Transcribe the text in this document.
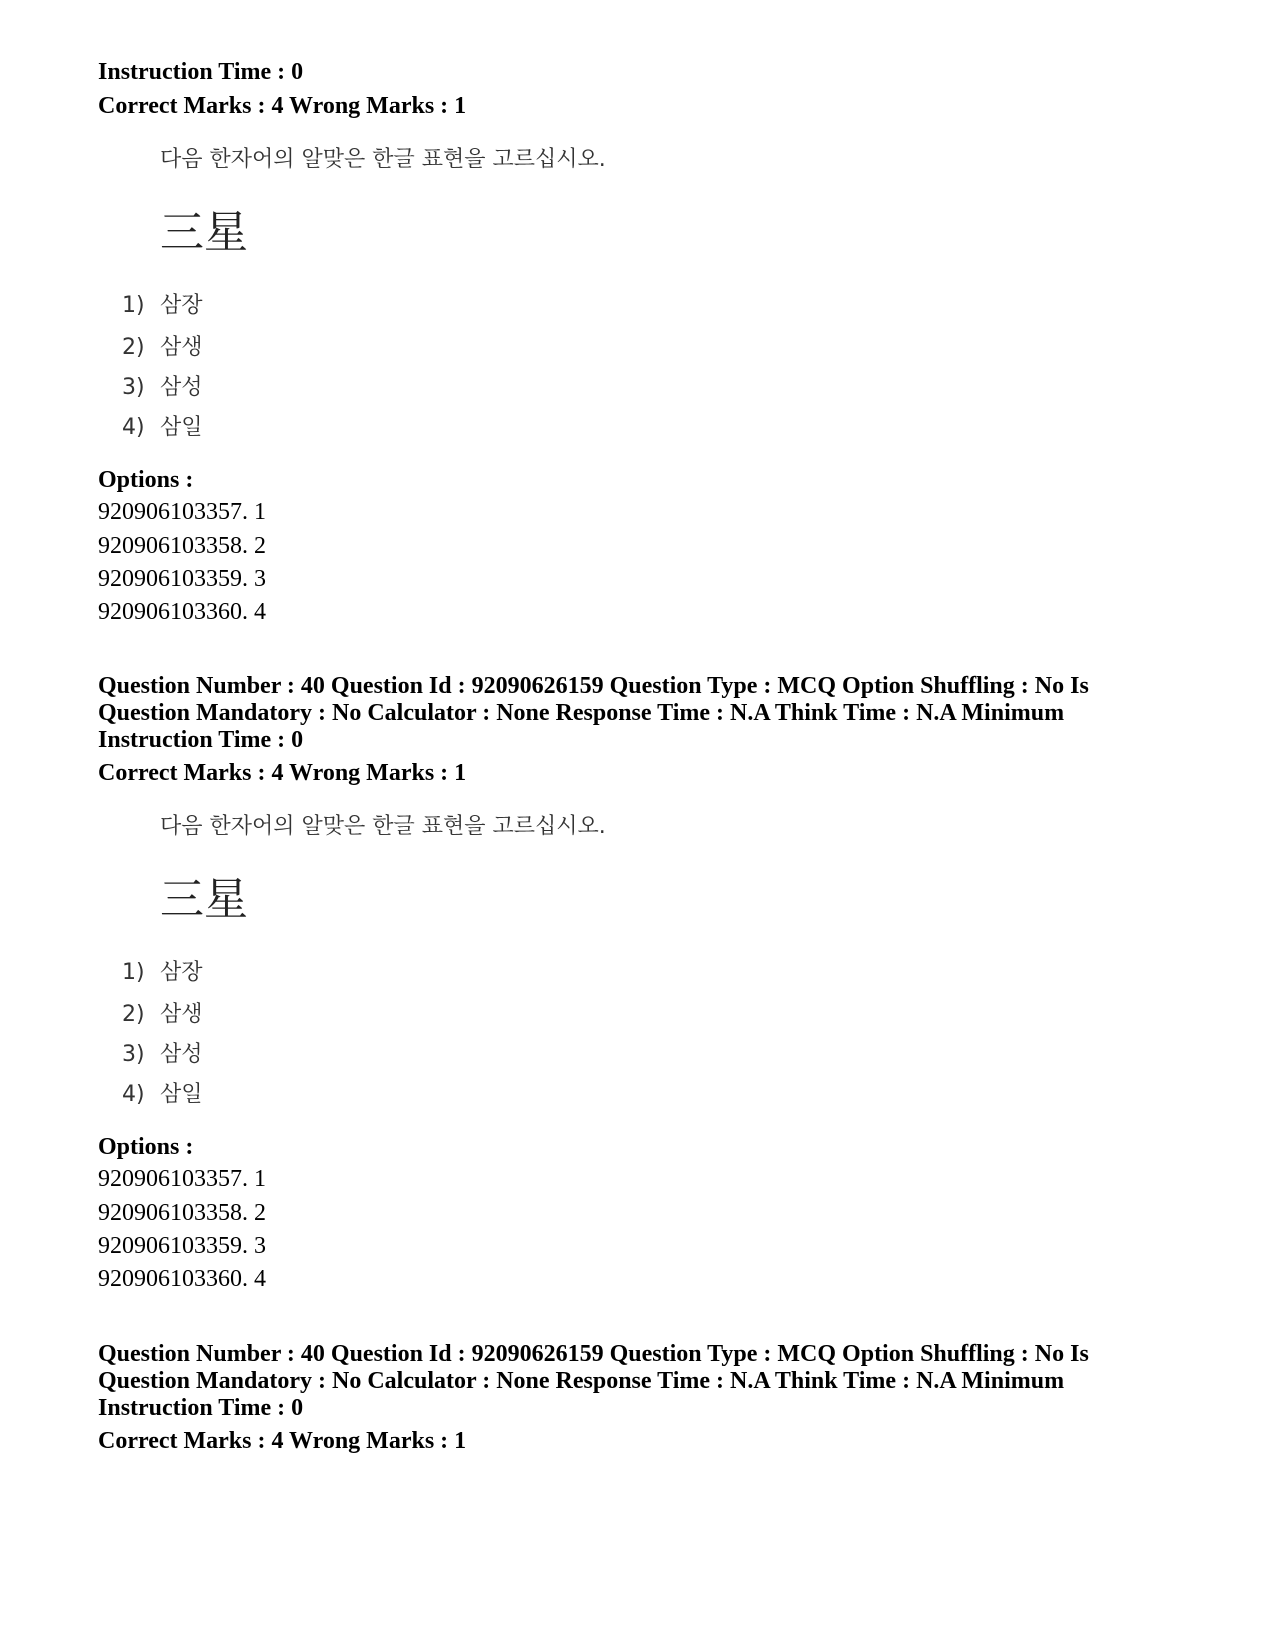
Instruction Time : 0
Correct Marks : 4 Wrong Marks : 1
다음 한자어의 알맞은 한글 표현을 고르십시오.
三星
1) 삼장
2) 삼생
3) 삼성
4) 삼일
Options :
920906103357. 1
920906103358. 2
920906103359. 3
920906103360. 4
Question Number : 40 Question Id : 92090626159 Question Type : MCQ Option Shuffling : No Is
Question Mandatory : No Calculator : None Response Time : N.A Think Time : N.A Minimum
Instruction Time : 0
Correct Marks : 4 Wrong Marks : 1
다음 한자어의 알맞은 한글 표현을 고르십시오.
三星
1) 삼장
2) 삼생
3) 삼성
4) 삼일
Options :
920906103357. 1
920906103358. 2
920906103359. 3
920906103360. 4
Question Number : 40 Question Id : 92090626159 Question Type : MCQ Option Shuffling : No Is
Question Mandatory : No Calculator : None Response Time : N.A Think Time : N.A Minimum
Instruction Time : 0
Correct Marks : 4 Wrong Marks : 1
